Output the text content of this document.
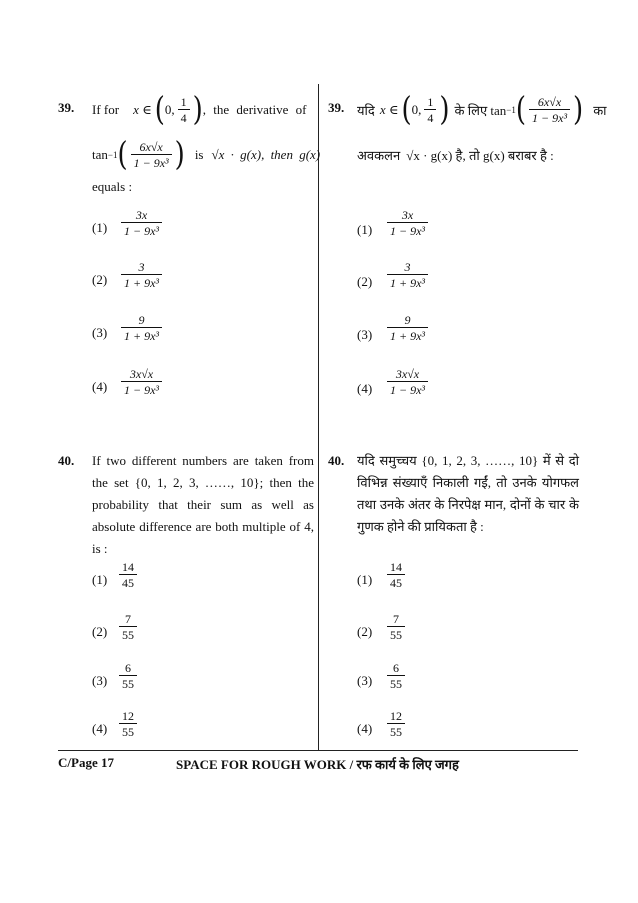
39. If for x ∈ ( 0, $\frac{1}{4}$ ) , the derivative of
tan −1 ( $\frac{6x√x}{\text{1 − 9x³}}$ ) is √x · g(x), then g(x)
equals :
$(1) \frac{3x}{\text{1 − 9x³}}$
$(2) \frac{3}{\text{1 + 9x³}}$
$(3) \frac{9}{\text{1 + 9x³}}$
$(4) \frac{3x√x}{\text{1 − 9x³}}$
39. यदि x ∈ ( 0, $\frac{1}{4}$ ) के लिए tan −1 ( $\frac{6x√x}{\text{1 − 9x³}}$ ) का
अवकलन √x · g(x) है, तो g(x) बराबर है :
$(1) \frac{3x}{\text{1 − 9x³}}$
$(2) \frac{3}{\text{1 + 9x³}}$
$(3) \frac{9}{\text{1 + 9x³}}$
$(4) \frac{3x√x}{\text{1 − 9x³}}$
40. If two different numbers are taken from the set {0, 1, 2, 3, ……, 10}; then the probability that their sum as well as absolute difference are both multiple of 4, is :
$(1) \frac{14}{45}$
$(2) \frac{7}{55}$
$(3) \frac{6}{55}$
$(4) \frac{12}{55}$
40. यदि समुच्चय {0, 1, 2, 3, ……, 10} में से दो विभिन्न संख्याएँ निकाली गईं, तो उनके योगफल तथा उनके अंतर के निरपेक्ष मान, दोनों के चार के गुणक होने की प्रायिकता है :
$(1) \frac{14}{45}$
$(2) \frac{7}{55}$
$(3) \frac{6}{55}$
$(4) \frac{12}{55}$
C/Page 17	SPACE FOR ROUGH WORK / रफ कार्य के लिए जगह
